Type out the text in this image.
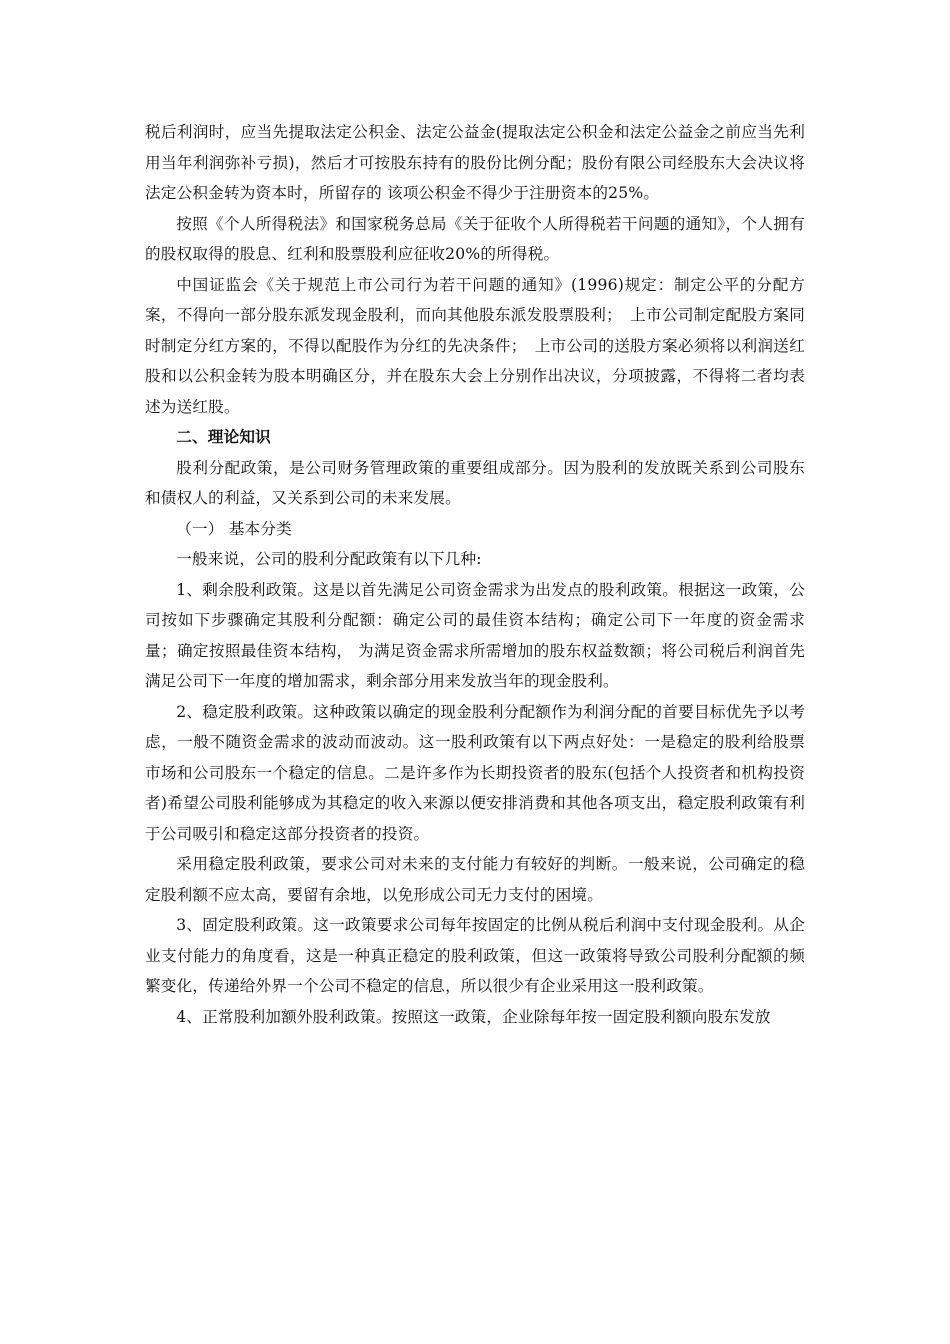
税后利润时，应当先提取法定公积金、法定公益金(提取法定公积金和法定公益金之前应当先利用当年利润弥补亏损)，然后才可按股东持有的股份比例分配；股份有限公司经股东大会决议将法定公积金转为资本时，所留存的 该项公积金不得少于注册资本的25%。

按照《个人所得税法》和国家税务总局《关于征收个人所得税若干问题的通知》，个人拥有的股权取得的股息、红利和股票股利应征收20%的所得税。

中国证监会《关于规范上市公司行为若干问题的通知》(1996)规定：制定公平的分配方案，不得向一部分股东派发现金股利，而向其他股东派发股票股利；　上市公司制定配股方案同时制定分红方案的，不得以配股作为分红的先决条件；　上市公司的送股方案必须将以利润送红股和以公积金转为股本明确区分，并在股东大会上分别作出决议，分项披露，不得将二者均表述为送红股。

二、理论知识

股利分配政策，是公司财务管理政策的重要组成部分。因为股利的发放既关系到公司股东和债权人的利益，又关系到公司的未来发展。

（一） 基本分类

一般来说，公司的股利分配政策有以下几种:

1、剩余股利政策。这是以首先满足公司资金需求为出发点的股利政策。根据这一政策，公司按如下步骤确定其股利分配额：确定公司的最佳资本结构；确定公司下一年度的资金需求量；确定按照最佳资本结构， 为满足资金需求所需增加的股东权益数额；将公司税后利润首先满足公司下一年度的增加需求，剩余部分用来发放当年的现金股利。

2、稳定股利政策。这种政策以确定的现金股利分配额作为利润分配的首要目标优先予以考虑，一般不随资金需求的波动而波动。这一股利政策有以下两点好处：一是稳定的股利给股票市场和公司股东一个稳定的信息。二是许多作为长期投资者的股东(包括个人投资者和机构投资者)希望公司股利能够成为其稳定的收入来源以便安排消费和其他各项支出，稳定股利政策有利于公司吸引和稳定这部分投资者的投资。

采用稳定股利政策，要求公司对未来的支付能力有较好的判断。一般来说，公司确定的稳定股利额不应太高，要留有余地，以免形成公司无力支付的困境。

3、固定股利政策。这一政策要求公司每年按固定的比例从税后利润中支付现金股利。从企业支付能力的角度看，这是一种真正稳定的股利政策，但这一政策将导致公司股利分配额的频繁变化，传递给外界一个公司不稳定的信息，所以很少有企业采用这一股利政策。

4、正常股利加额外股利政策。按照这一政策，企业除每年按一固定股利额向股东发放
